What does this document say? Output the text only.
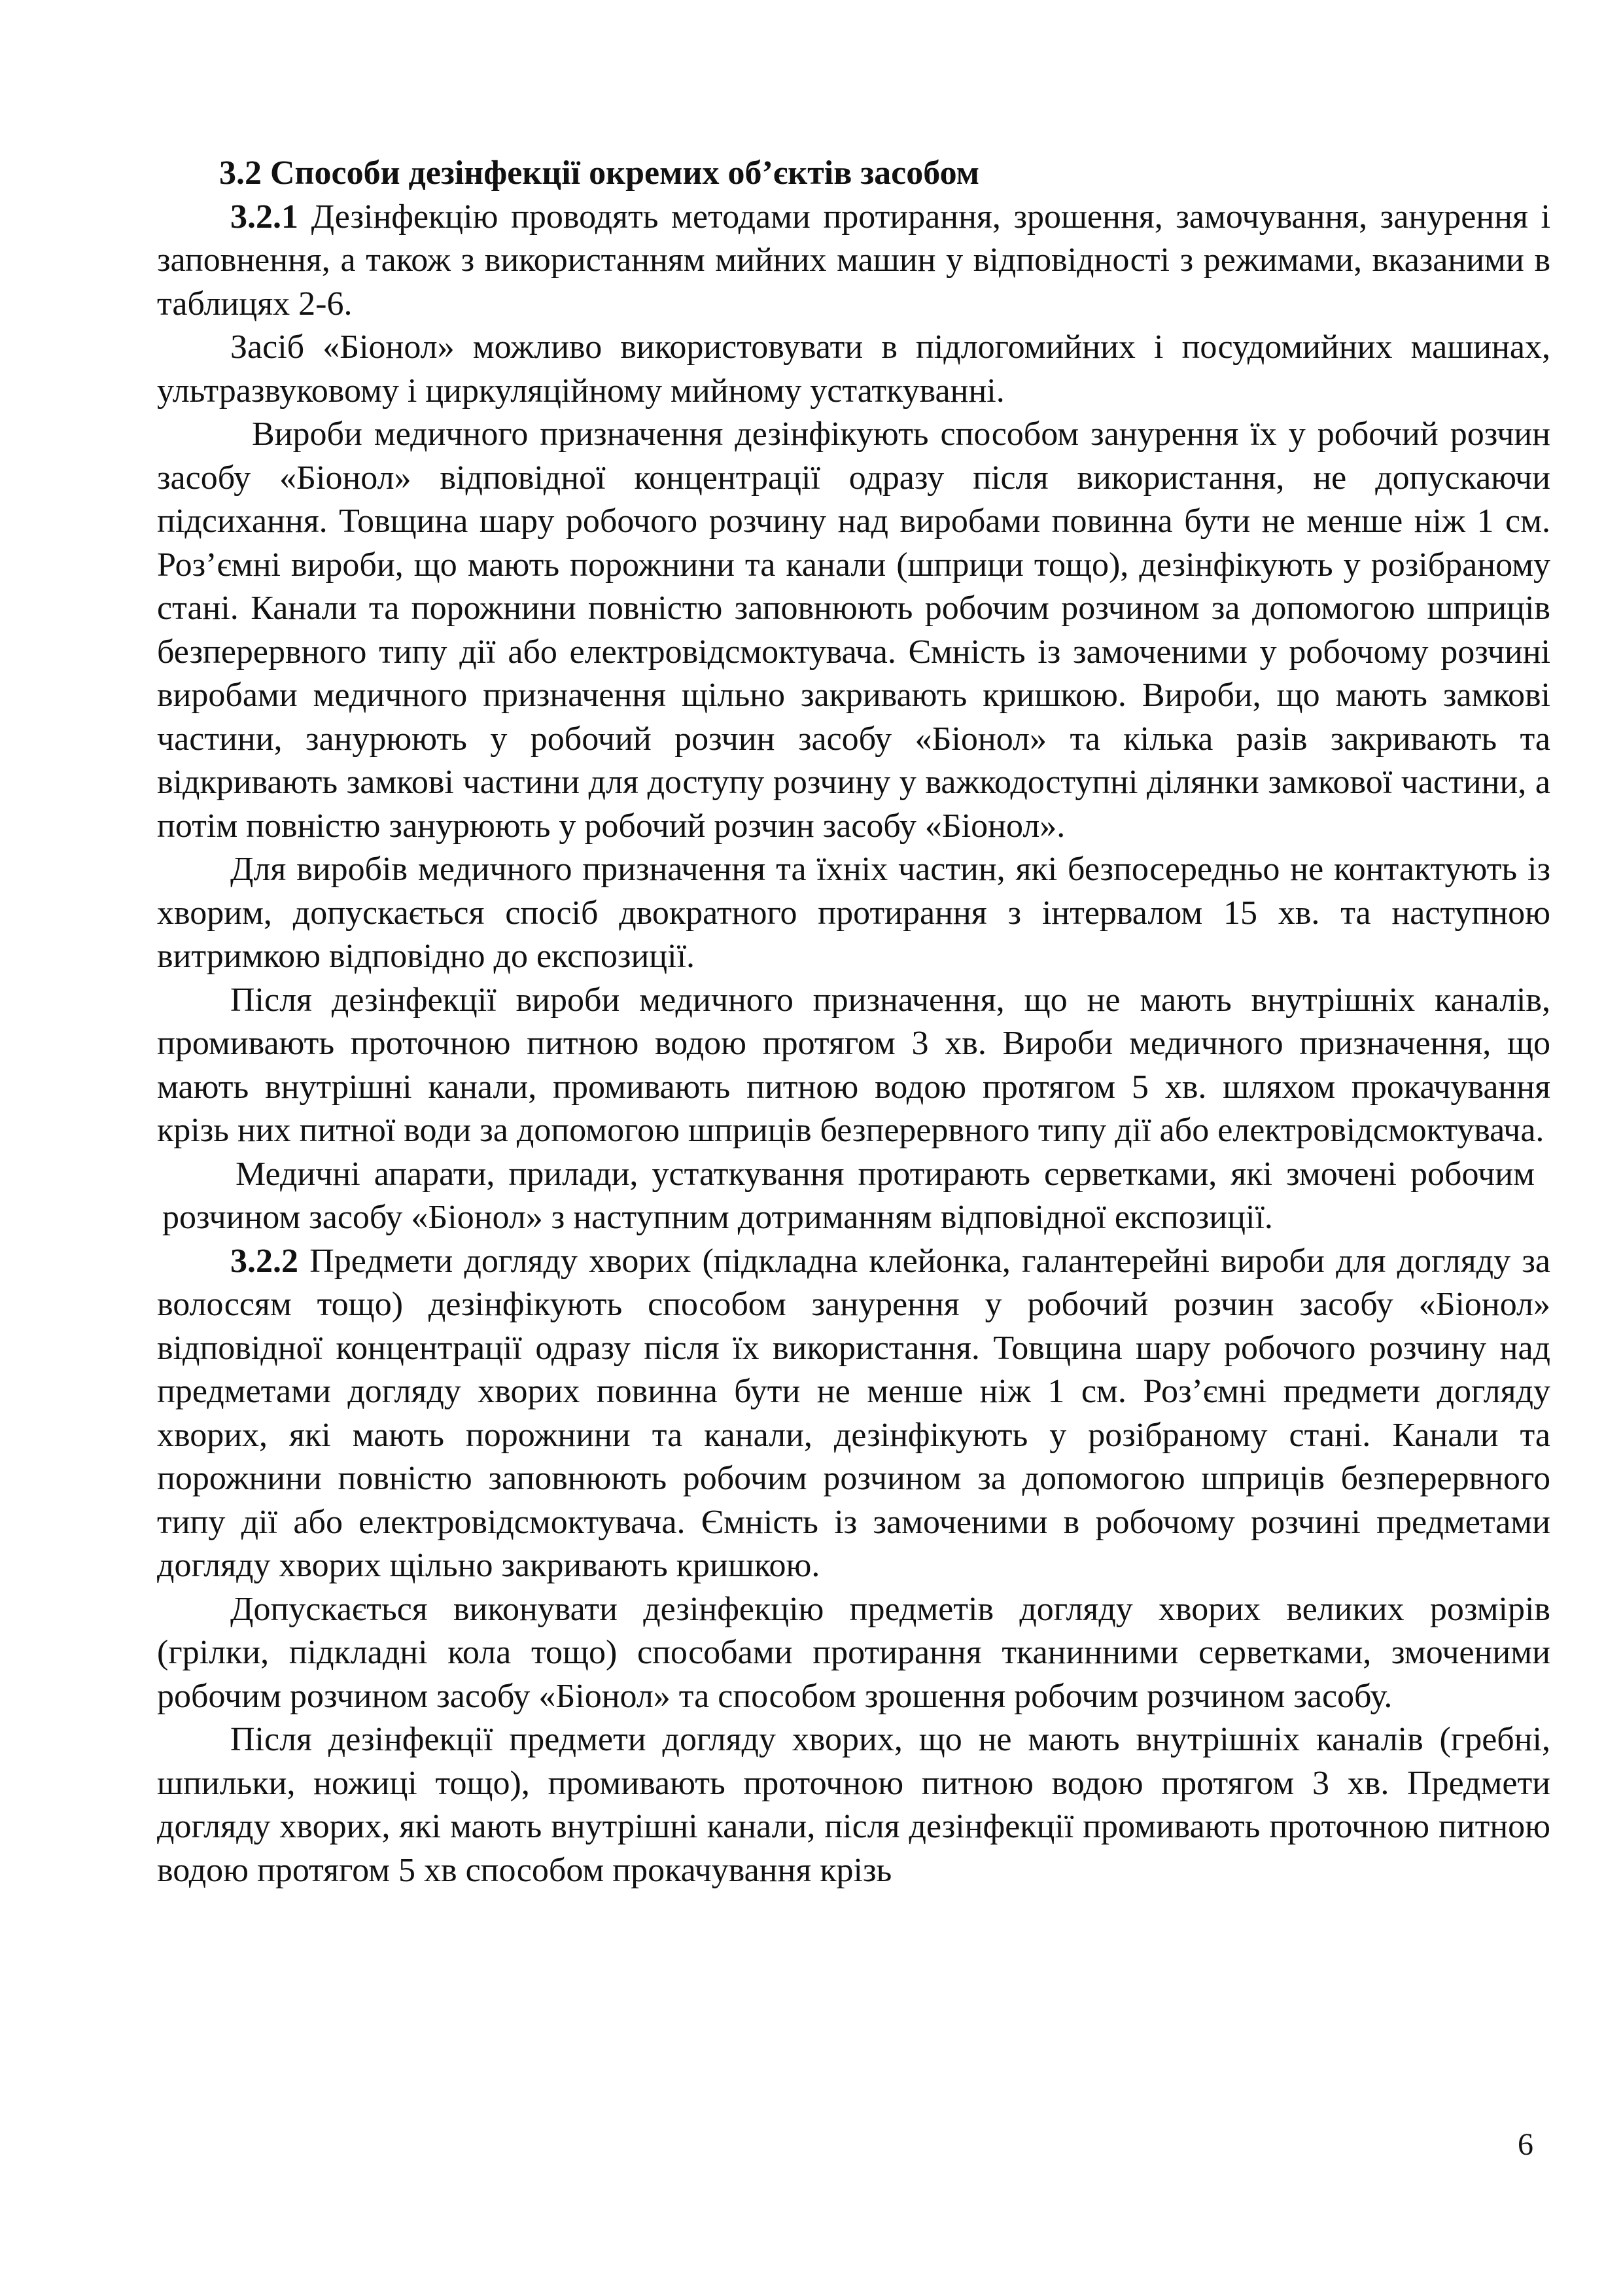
3.2 Способи дезінфекції окремих об’єктів засобом

3.2.1 Дезінфекцію проводять методами протирання, зрошення, замочування, занурення і заповнення, а також з використанням мийних машин у відповідності з режимами, вказаними в таблицях 2-6.

Засіб «Біонол» можливо використовувати в підлогомийних і посудомийних машинах, ультразвуковому і циркуляційному мийному устаткуванні.

Вироби медичного призначення дезінфікують способом занурення їх у робочий розчин засобу «Біонол» відповідної концентрації одразу після використання, не допускаючи підсихання. Товщина шару робочого розчину над виробами повинна бути не менше ніж 1 см. Роз’ємні вироби, що мають порожнини та канали (шприци тощо), дезінфікують у розібраному стані. Канали та порожнини повністю заповнюють робочим розчином за допомогою шприців безперервного типу дії або електровідсмоктувача. Ємність із замоченими у робочому розчині виробами медичного призначення щільно закривають кришкою. Вироби, що мають замкові частини, занурюють у робочий розчин засобу «Біонол» та кілька разів закривають та відкривають замкові частини для доступу розчину у важкодоступні ділянки замкової частини, а потім повністю занурюють у робочий розчин засобу «Біонол».

Для виробів медичного призначення та їхніх частин, які безпосередньо не контактують із хворим, допускається спосіб двократного протирання з інтервалом 15 хв. та наступною витримкою відповідно до експозиції.

Після дезінфекції вироби медичного призначення, що не мають внутрішніх каналів, промивають проточною питною водою протягом 3 хв. Вироби медичного призначення, що мають внутрішні канали, промивають питною водою протягом 5 хв. шляхом прокачування крізь них питної води за допомогою шприців безперервного типу дії або електровідсмоктувача.

Медичні апарати, прилади, устаткування протирають серветками, які змочені робочим розчином засобу «Біонол» з наступним дотриманням відповідної експозиції.

3.2.2 Предмети догляду хворих (підкладна клейонка, галантерейні вироби для догляду за волоссям тощо) дезінфікують способом занурення у робочий розчин засобу «Біонол» відповідної концентрації одразу після їх використання. Товщина шару робочого розчину над предметами догляду хворих повинна бути не менше ніж 1 см. Роз’ємні предмети догляду хворих, які мають порожнини та канали, дезінфікують у розібраному стані. Канали та порожнини повністю заповнюють робочим розчином за допомогою шприців безперервного типу дії або електровідсмоктувача. Ємність із замоченими в робочому розчині предметами догляду хворих щільно закривають кришкою.

Допускається виконувати дезінфекцію предметів догляду хворих великих розмірів (грілки, підкладні кола тощо) способами протирання тканинними серветками, змоченими робочим розчином засобу «Біонол» та способом зрошення робочим розчином засобу.

Після дезінфекції предмети догляду хворих, що не мають внутрішніх каналів (гребні, шпильки, ножиці тощо), промивають проточною питною водою протягом 3 хв. Предмети догляду хворих, які мають внутрішні канали, після дезінфекції промивають проточною питною водою протягом 5 хв способом прокачування крізь

6
